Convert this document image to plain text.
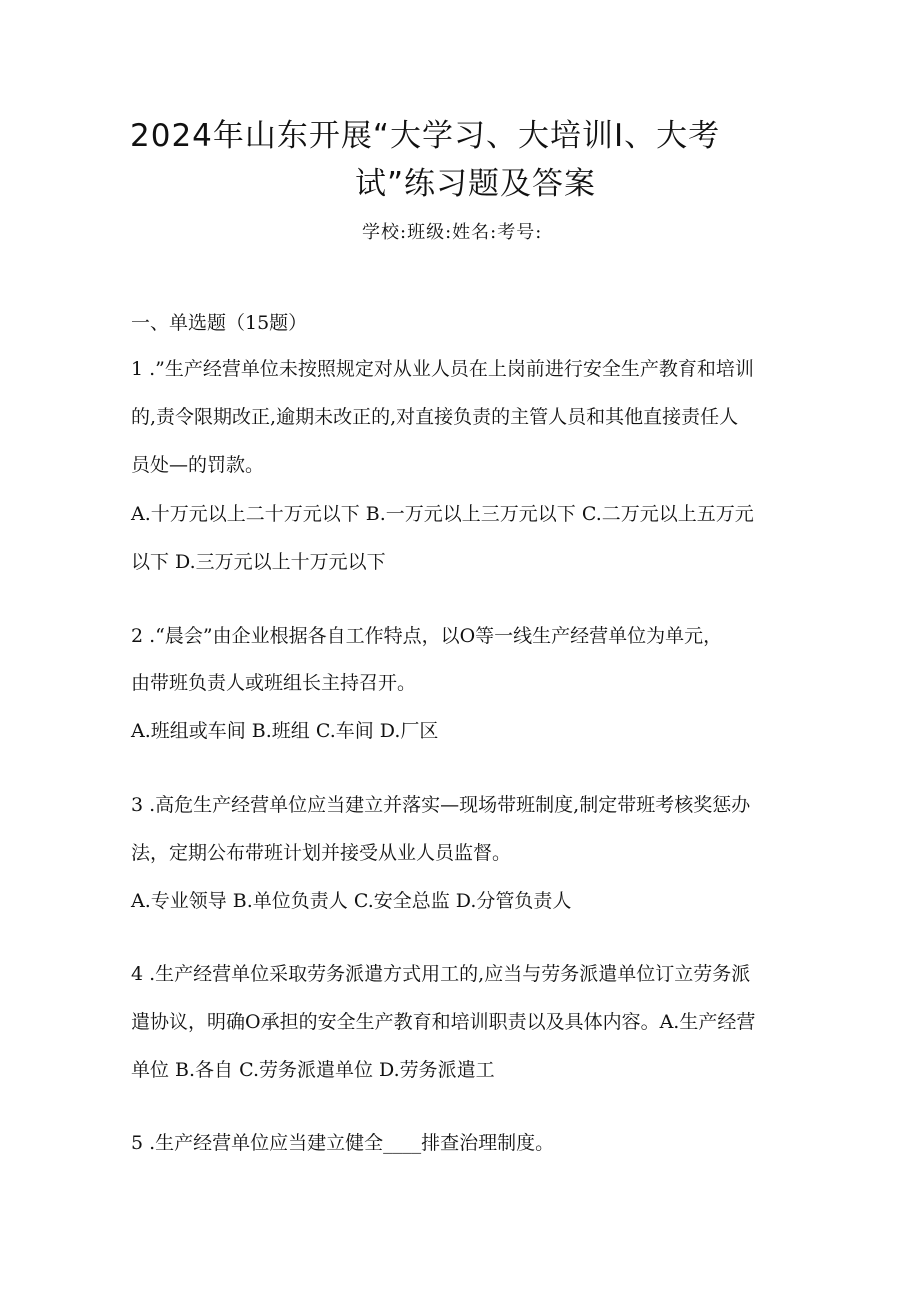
2024年山东开展“大学习、大培训I、大考
试”练习题及答案
学校:班级:姓名:考号:
一、单选题（15题）
1 .”生产经营单位未按照规定对从业人员在上岗前进行安全生产教育和培训
的,责令限期改正,逾期未改正的,对直接负责的主管人员和其他直接责任人
员处—的罚款。
A.十万元以上二十万元以下 B.一万元以上三万元以下 C.二万元以上五万元
以下 D.三万元以上十万元以下
2 .“晨会”由企业根据各自工作特点，以O等一线生产经营单位为单元，
由带班负责人或班组长主持召开。
A.班组或车间 B.班组 C.车间 D.厂区
3 .高危生产经营单位应当建立并落实—现场带班制度,制定带班考核奖惩办
法，定期公布带班计划并接受从业人员监督。
A.专业领导 B.单位负责人 C.安全总监 D.分管负责人
4 .生产经营单位采取劳务派遣方式用工的,应当与劳务派遣单位订立劳务派
遣协议，明确O承担的安全生产教育和培训职责以及具体内容。A.生产经营
单位 B.各自 C.劳务派遣单位 D.劳务派遣工
5 .生产经营单位应当建立健全____排查治理制度。
